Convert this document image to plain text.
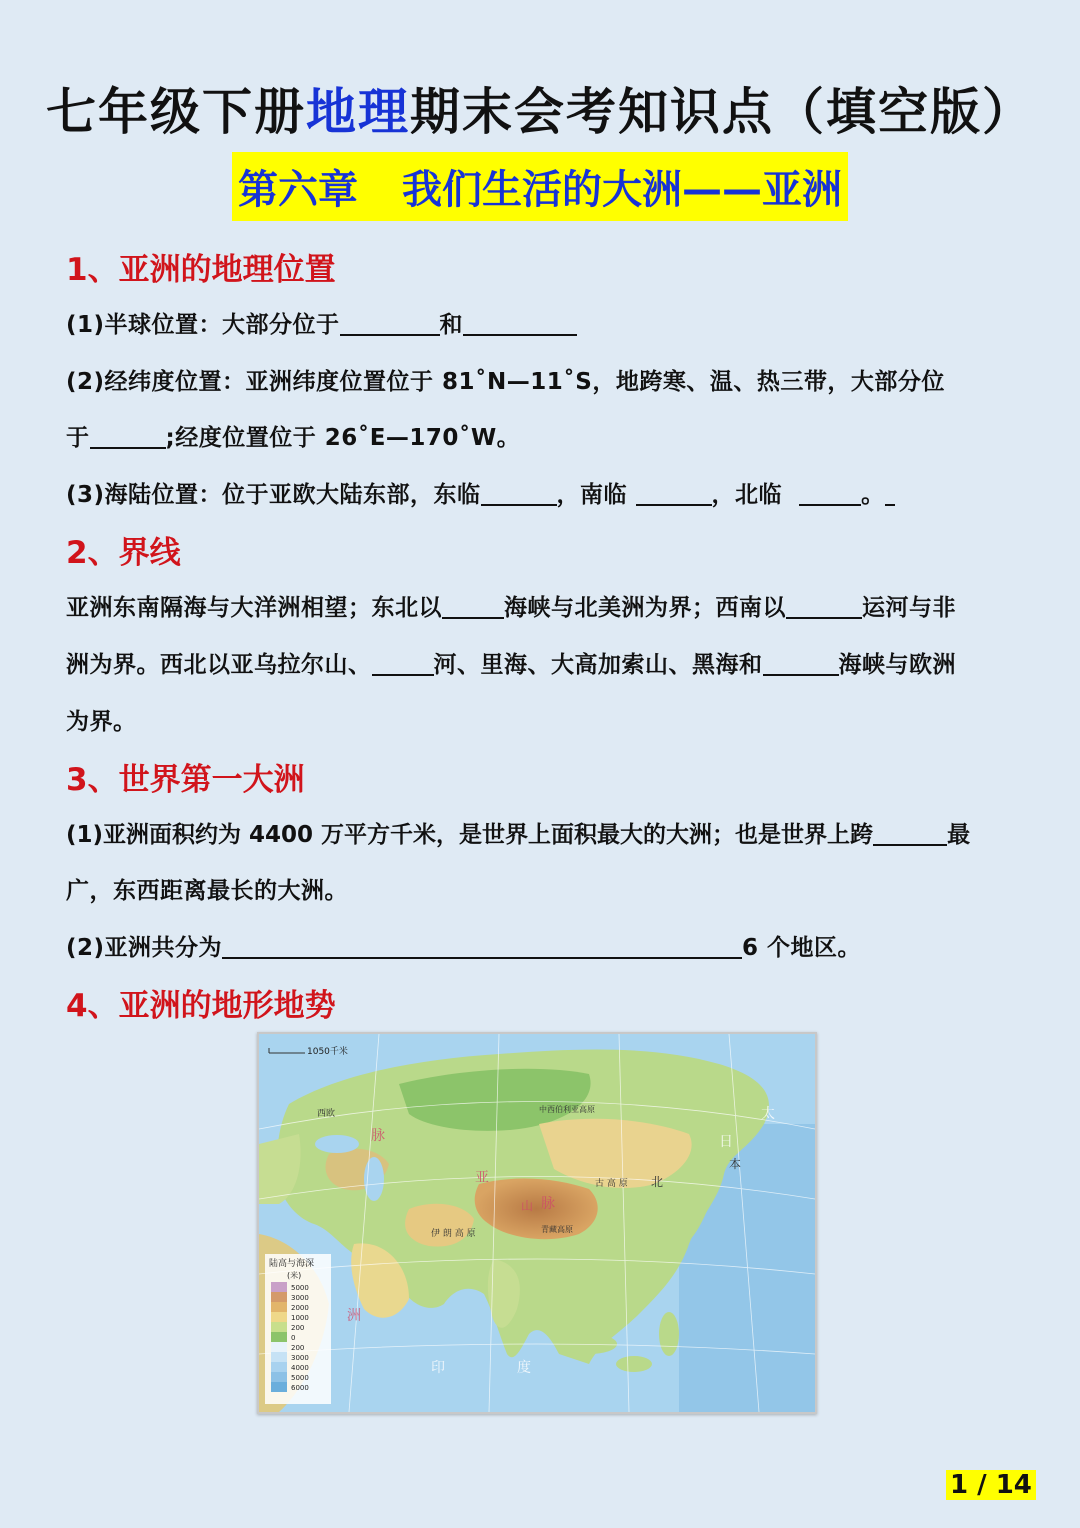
七年级下册地理期末会考知识点（填空版）
第六章 我们生活的大洲——亚洲
1、亚洲的地理位置
(1)半球位置：大部分位于	和
(2)经纬度位置：亚洲纬度位置位于 81˚N—11˚S，地跨寒、温、热三带，大部分位
于	;经度位置位于 26˚E—170˚W。
(3)海陆位置：位于亚欧大陆东部，东临	，南临	，北临	。
2、界线
亚洲东南隔海与大洋洲相望；东北以	海峡与北美洲为界；西南以	运河与非
洲为界。西北以亚乌拉尔山、	河、里海、大高加索山、黑海和	海峡与欧洲
为界。
3、世界第一大洲
(1)亚洲面积约为 4400 万平方千米，是世界上面积最大的大洲；也是世界上跨	最
广，东西距离最长的大洲。
(2)亚洲共分为	6 个地区。
4、亚洲的地形地势
1050千米
陆高与海深
(米)
5000
3000
2000
1000
200
0
200
3000
4000
5000
6000
中西伯利亚高原
古 高 原
伊 朗 高 原	青藏高原
西欧
北
本
脉
亚
脉
山
洲
太
日
印	度
1 / 14
